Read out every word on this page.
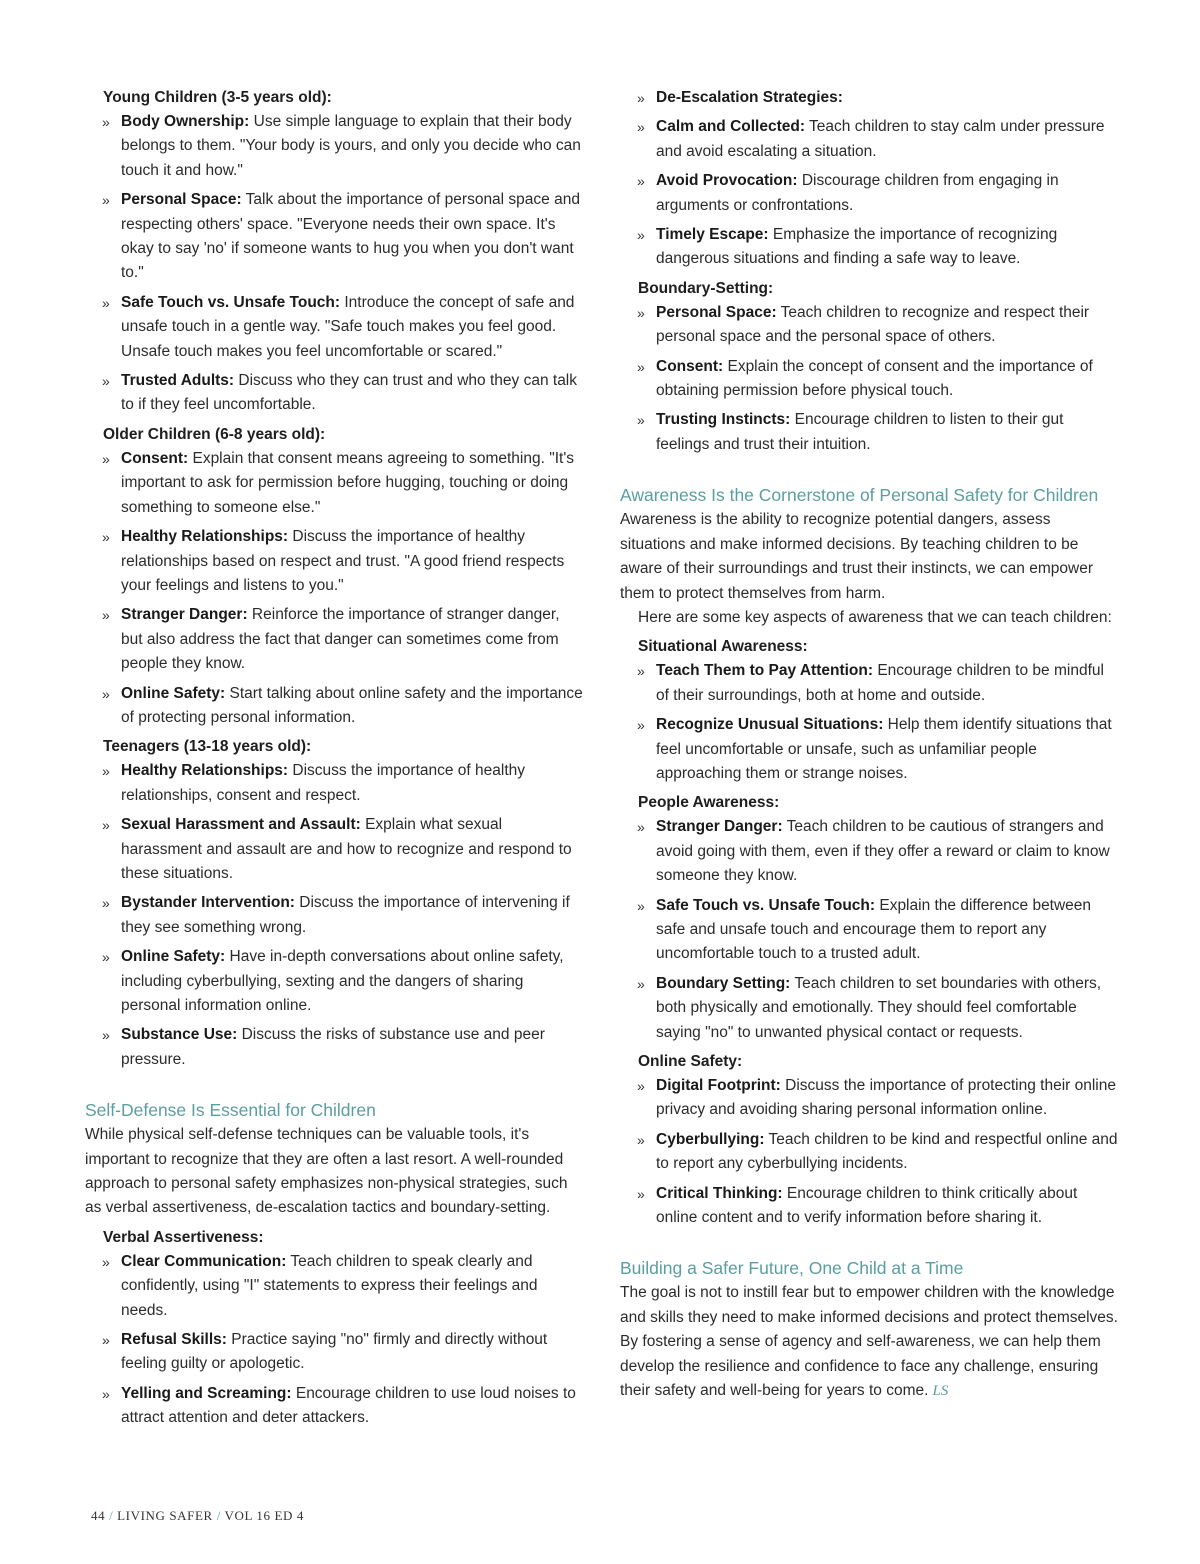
Young Children (3-5 years old):
» Body Ownership: Use simple language to explain that their body belongs to them. "Your body is yours, and only you decide who can touch it and how."
» Personal Space: Talk about the importance of personal space and respecting others' space. "Everyone needs their own space. It's okay to say 'no' if someone wants to hug you when you don't want to."
» Safe Touch vs. Unsafe Touch: Introduce the concept of safe and unsafe touch in a gentle way. "Safe touch makes you feel good. Unsafe touch makes you feel uncomfortable or scared."
» Trusted Adults: Discuss who they can trust and who they can talk to if they feel uncomfortable.
Older Children (6-8 years old):
» Consent: Explain that consent means agreeing to something. "It's important to ask for permission before hugging, touching or doing something to someone else."
» Healthy Relationships: Discuss the importance of healthy relationships based on respect and trust. "A good friend respects your feelings and listens to you."
» Stranger Danger: Reinforce the importance of stranger danger, but also address the fact that danger can sometimes come from people they know.
» Online Safety: Start talking about online safety and the importance of protecting personal information.
Teenagers (13-18 years old):
» Healthy Relationships: Discuss the importance of healthy relationships, consent and respect.
» Sexual Harassment and Assault: Explain what sexual harassment and assault are and how to recognize and respond to these situations.
» Bystander Intervention: Discuss the importance of intervening if they see something wrong.
» Online Safety: Have in-depth conversations about online safety, including cyberbullying, sexting and the dangers of sharing personal information online.
» Substance Use: Discuss the risks of substance use and peer pressure.
Self-Defense Is Essential for Children

While physical self-defense techniques can be valuable tools, it's important to recognize that they are often a last resort. A well-rounded approach to personal safety emphasizes non-physical strategies, such as verbal assertiveness, de-escalation tactics and boundary-setting.

Verbal Assertiveness:
» Clear Communication: Teach children to speak clearly and confidently, using "I" statements to express their feelings and needs.
» Refusal Skills: Practice saying "no" firmly and directly without feeling guilty or apologetic.
» Yelling and Screaming: Encourage children to use loud noises to attract attention and deter attackers.
» De-Escalation Strategies:
» Calm and Collected: Teach children to stay calm under pressure and avoid escalating a situation.
» Avoid Provocation: Discourage children from engaging in arguments or confrontations.
» Timely Escape: Emphasize the importance of recognizing dangerous situations and finding a safe way to leave.
Boundary-Setting:
» Personal Space: Teach children to recognize and respect their personal space and the personal space of others.
» Consent: Explain the concept of consent and the importance of obtaining permission before physical touch.
» Trusting Instincts: Encourage children to listen to their gut feelings and trust their intuition.
Awareness Is the Cornerstone of Personal Safety for Children

Awareness is the ability to recognize potential dangers, assess situations and make informed decisions. By teaching children to be aware of their surroundings and trust their instincts, we can empower them to protect themselves from harm.

Here are some key aspects of awareness that we can teach children:

Situational Awareness:
» Teach Them to Pay Attention: Encourage children to be mindful of their surroundings, both at home and outside.
» Recognize Unusual Situations: Help them identify situations that feel uncomfortable or unsafe, such as unfamiliar people approaching them or strange noises.
People Awareness:
» Stranger Danger: Teach children to be cautious of strangers and avoid going with them, even if they offer a reward or claim to know someone they know.
» Safe Touch vs. Unsafe Touch: Explain the difference between safe and unsafe touch and encourage them to report any uncomfortable touch to a trusted adult.
» Boundary Setting: Teach children to set boundaries with others, both physically and emotionally. They should feel comfortable saying "no" to unwanted physical contact or requests.
Online Safety:
» Digital Footprint: Discuss the importance of protecting their online privacy and avoiding sharing personal information online.
» Cyberbullying: Teach children to be kind and respectful online and to report any cyberbullying incidents.
» Critical Thinking: Encourage children to think critically about online content and to verify information before sharing it.
Building a Safer Future, One Child at a Time

The goal is not to instill fear but to empower children with the knowledge and skills they need to make informed decisions and protect themselves. By fostering a sense of agency and self-awareness, we can help them develop the resilience and confidence to face any challenge, ensuring their safety and well-being for years to come. LS

44 / LIVING SAFER / VOL 16 ED 4
